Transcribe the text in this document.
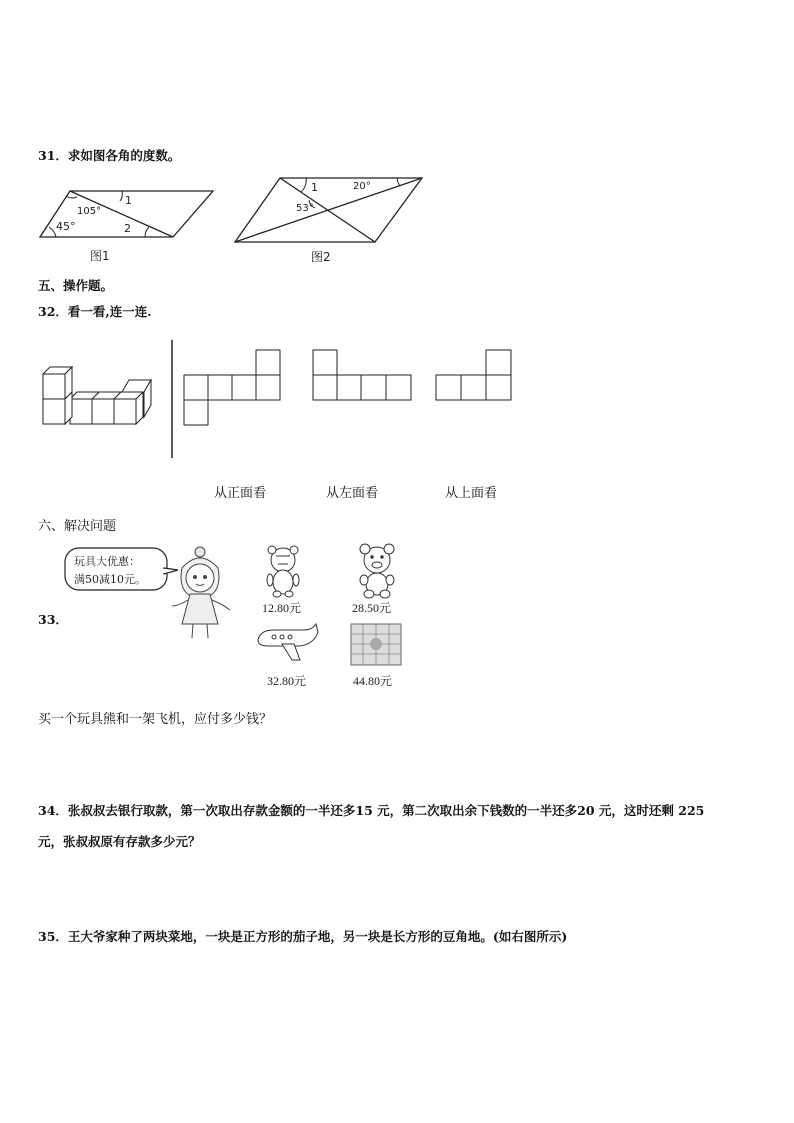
31．求如图各角的度数。
105°
1
45°	2
图1
1	20°
53°
图2
五、操作题。
32．看一看,连一连.
从正面看	从左面看	从上面看
六、解决问题
33．
玩具大优惠：
满50减10元。
12.80元	28.50元
32.80元	44.80元
买一个玩具熊和一架飞机，应付多少钱？
34．张叔叔去银行取款，第一次取出存款金额的一半还多15 元，第二次取出余下钱数的一半还多20 元，这时还剩 225
元，张叔叔原有存款多少元？
35．王大爷家种了两块菜地，一块是正方形的茄子地，另一块是长方形的豆角地。(如右图所示)
